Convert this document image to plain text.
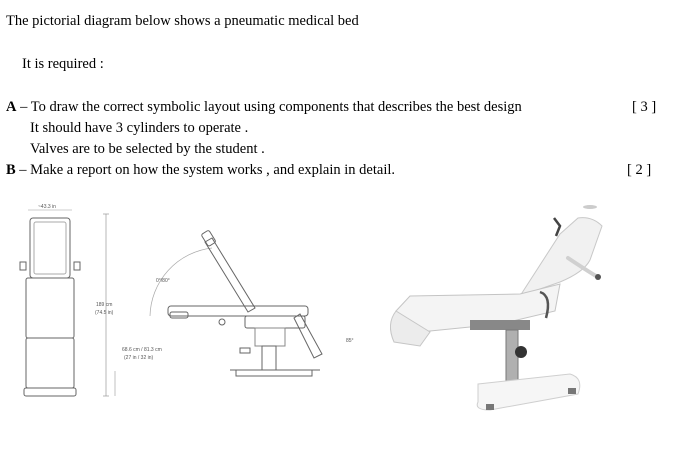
The pictorial diagram below shows a pneumatic medical bed
It is required :
A – To draw the correct symbolic layout using components that describes the best design	[ 3 ]
It should have 3 cylinders to operate .
Valves are to be selected by the student .
B – Make a report on how the system works , and explain in detail.	[ 2 ]
~43.3 in
189 cm
(74.5 in)
0°/80°
85°
68.6 cm / 81.3 cm
(27 in / 32 in)
